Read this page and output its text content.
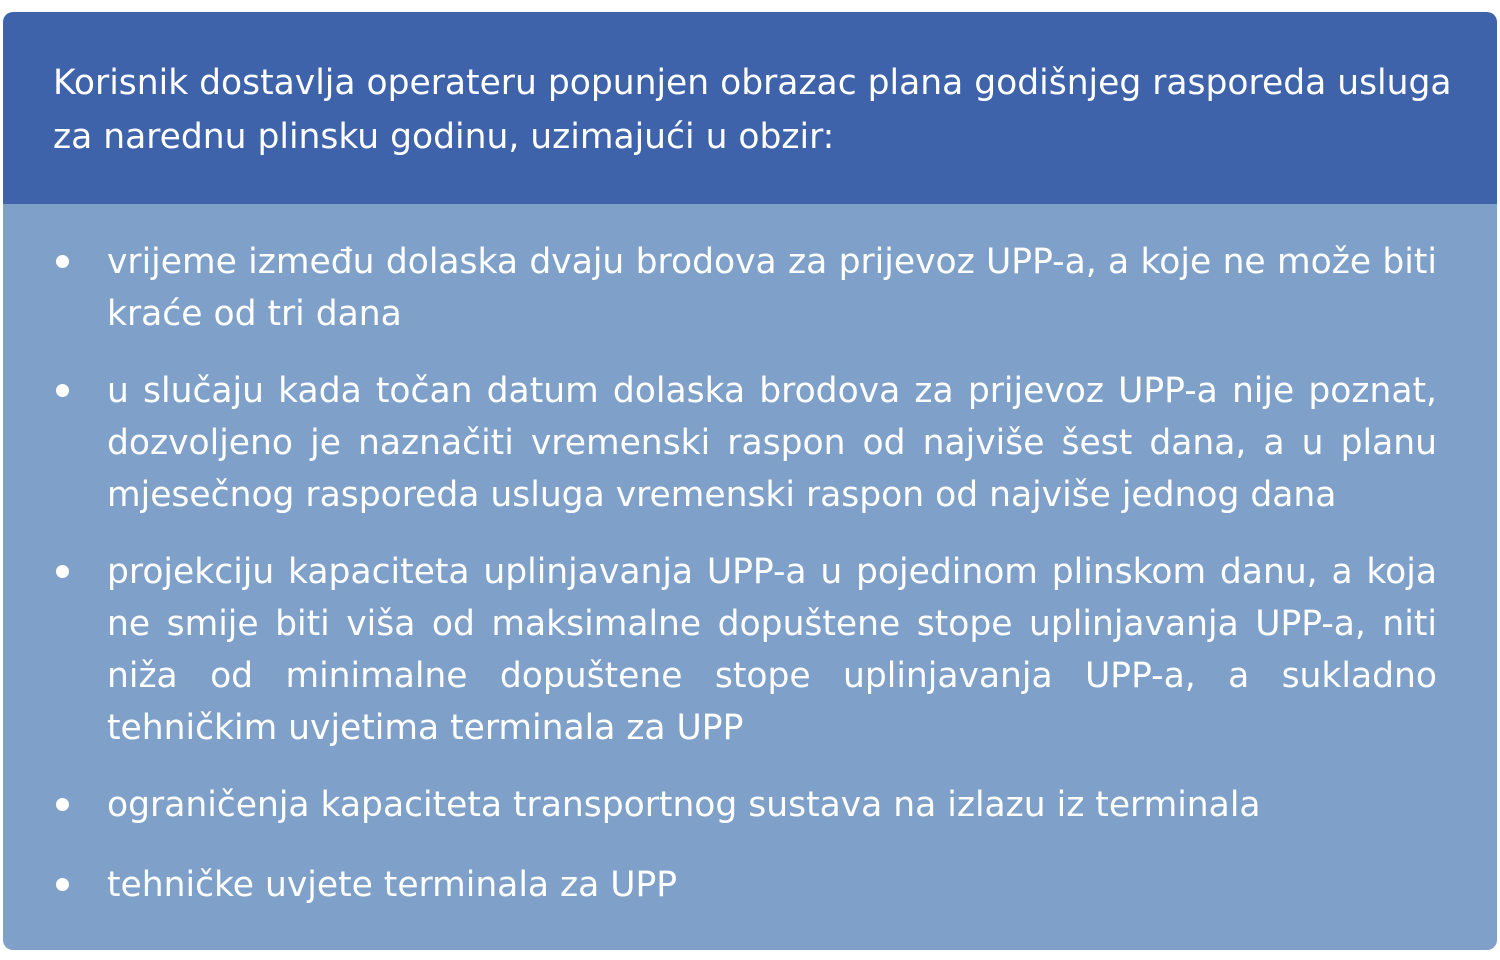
Korisnik dostavlja operateru popunjen obrazac plana godišnjeg rasporeda usluga za narednu plinsku godinu, uzimajući u obzir:

vrijeme između dolaska dvaju brodova za prijevoz UPP-a, a koje ne može biti kraće od tri dana
u slučaju kada točan datum dolaska brodova za prijevoz UPP-a nije poznat, dozvoljeno je naznačiti vremenski raspon od najviše šest dana, a u planu mjesečnog rasporeda usluga vremenski raspon od najviše jednog dana
projekciju kapaciteta uplinjavanja UPP-a u pojedinom plinskom danu, a koja ne smije biti viša od maksimalne dopuštene stope uplinjavanja UPP-a, niti niža od minimalne dopuštene stope uplinjavanja UPP-a, a sukladno tehničkim uvjetima terminala za UPP
ograničenja kapaciteta transportnog sustava na izlazu iz terminala
tehničke uvjete terminala za UPP
